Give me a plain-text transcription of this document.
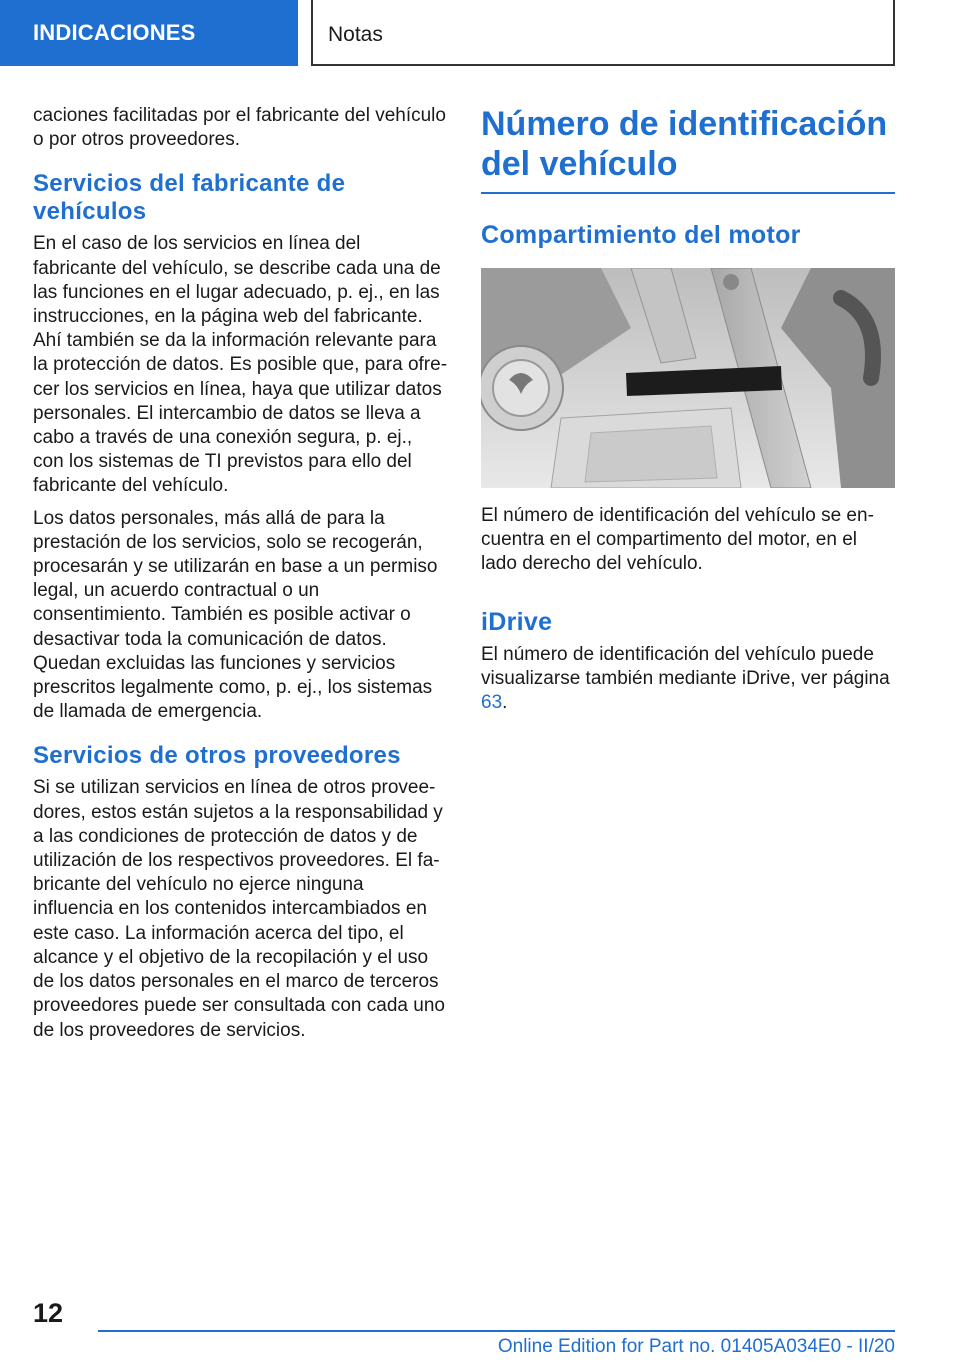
INDICACIONES	Notas

caciones facilitadas por el fabricante del vehículo o por otros proveedores.

Servicios del fabricante de vehículos

En el caso de los servicios en línea del fabricante del vehículo, se describe cada una de las funciones en el lugar adecuado, p. ej., en las instrucciones, en la página web del fabricante. Ahí también se da la información relevante para la protección de datos. Es posible que, para ofrecer los servicios en línea, haya que utilizar datos personales. El intercambio de datos se lleva a cabo a través de una conexión segura, p. ej., con los sistemas de TI previstos para ello del fabricante del vehículo.

Los datos personales, más allá de para la prestación de los servicios, solo se recogerán, procesarán y se utilizarán en base a un permiso legal, un acuerdo contractual o un consentimiento. También es posible activar o desactivar toda la comunicación de datos. Quedan excluidas las funciones y servicios prescritos legalmente como, p. ej., los sistemas de llamada de emergencia.

Servicios de otros proveedores

Si se utilizan servicios en línea de otros proveedores, estos están sujetos a la responsabilidad y a las condiciones de protección de datos y de utilización de los respectivos proveedores. El fabricante del vehículo no ejerce ninguna influencia en los contenidos intercambiados en este caso. La información acerca del tipo, el alcance y el objetivo de la recopilación y el uso de los datos personales en el marco de terceros proveedores puede ser consultada con cada uno de los proveedores de servicios.

Número de identificación del vehículo
Compartimiento del motor

El número de identificación del vehículo se encuentra en el compartimento del motor, en el lado derecho del vehículo.

iDrive

El número de identificación del vehículo puede visualizarse también mediante iDrive, ver página 63.

12
Online Edition for Part no. 01405A034E0 - II/20
